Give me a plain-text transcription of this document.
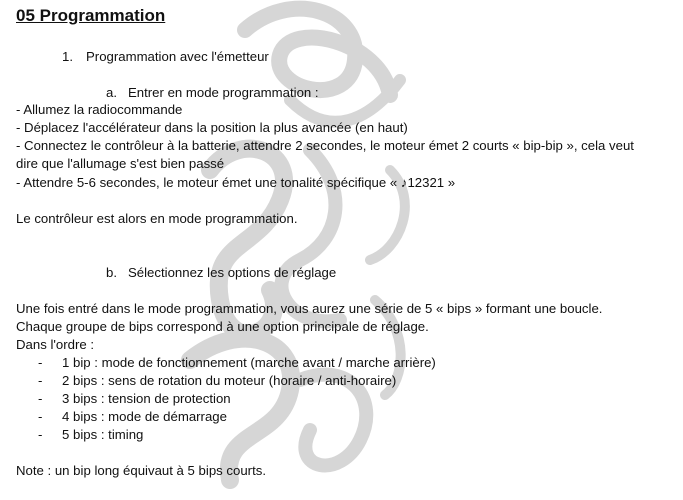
05 Programmation
1. Programmation avec l'émetteur
a. Entrer en mode programmation :
- Allumez la radiocommande
- Déplacez l'accélérateur dans la position la plus avancée (en haut)
- Connectez le contrôleur à la batterie, attendre 2 secondes, le moteur émet 2 courts « bip-bip », cela veut
dire que l'allumage s'est bien passé
- Attendre 5-6 secondes, le moteur émet une tonalité spécifique « ♪12321 »
Le contrôleur est alors en mode programmation.
b. Sélectionnez les options de réglage
Une fois entré dans le mode programmation, vous aurez une série de 5 « bips » formant une boucle.
Chaque groupe de bips correspond à une option principale de réglage.
Dans l'ordre :
- 1 bip : mode de fonctionnement (marche avant / marche arrière)
- 2 bips : sens de rotation du moteur (horaire / anti-horaire)
- 3 bips : tension de protection
- 4 bips : mode de démarrage
- 5 bips : timing
Note : un bip long équivaut à 5 bips courts.
